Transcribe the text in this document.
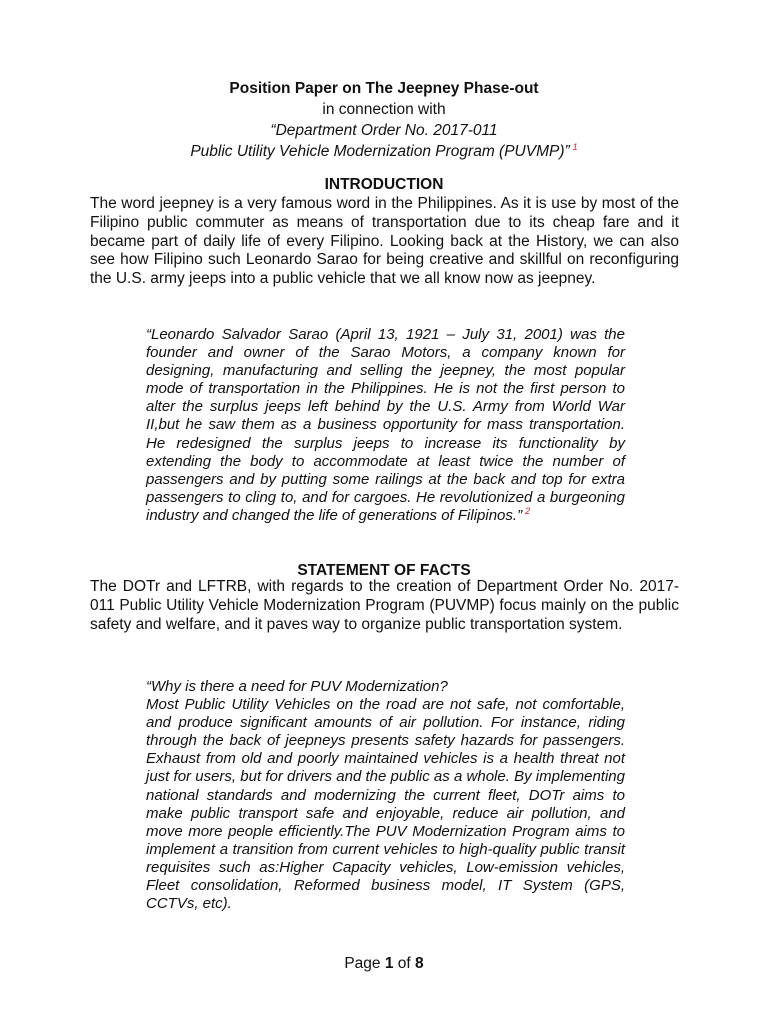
Position Paper on The Jeepney Phase-out
in connection with
“Department Order No. 2017-011
Public Utility Vehicle Modernization Program (PUVMP)” $^1$
INTRODUCTION
The word jeepney is a very famous word in the Philippines. As it is use by most of the Filipino public commuter as means of transportation due to its cheap fare and it became part of daily life of every Filipino. Looking back at the History, we can also see how Filipino such Leonardo Sarao for being creative and skillful on reconfiguring the U.S. army jeeps into a public vehicle that we all know now as jeepney.
“Leonardo Salvador Sarao (April 13, 1921 – July 31, 2001) was the founder and owner of the Sarao Motors, a company known for designing, manufacturing and selling the jeepney, the most popular mode of transportation in the Philippines. He is not the first person to alter the surplus jeeps left behind by the U.S. Army from World War II,but he saw them as a business opportunity for mass transportation. He redesigned the surplus jeeps to increase its functionality by extending the body to accommodate at least twice the number of passengers and by putting some railings at the back and top for extra passengers to cling to, and for cargoes. He revolutionized a burgeoning industry and changed the life of generations of Filipinos.” $^2$
STATEMENT OF FACTS
The DOTr and LFTRB, with regards to the creation of Department Order No. 2017-011 Public Utility Vehicle Modernization Program (PUVMP) focus mainly on the public safety and welfare, and it paves way to organize public transportation system.
“Why is there a need for PUV Modernization?
Most Public Utility Vehicles on the road are not safe, not comfortable, and produce significant amounts of air pollution. For instance, riding through the back of jeepneys presents safety hazards for passengers. Exhaust from old and poorly maintained vehicles is a health threat not just for users, but for drivers and the public as a whole. By implementing national standards and modernizing the current fleet, DOTr aims to make public transport safe and enjoyable, reduce air pollution, and move more people efficiently.The PUV Modernization Program aims to implement a transition from current vehicles to high-quality public transit requisites such as:Higher Capacity vehicles, Low-emission vehicles, Fleet consolidation, Reformed business model, IT System (GPS, CCTVs, etc).
Page 1 of 8
